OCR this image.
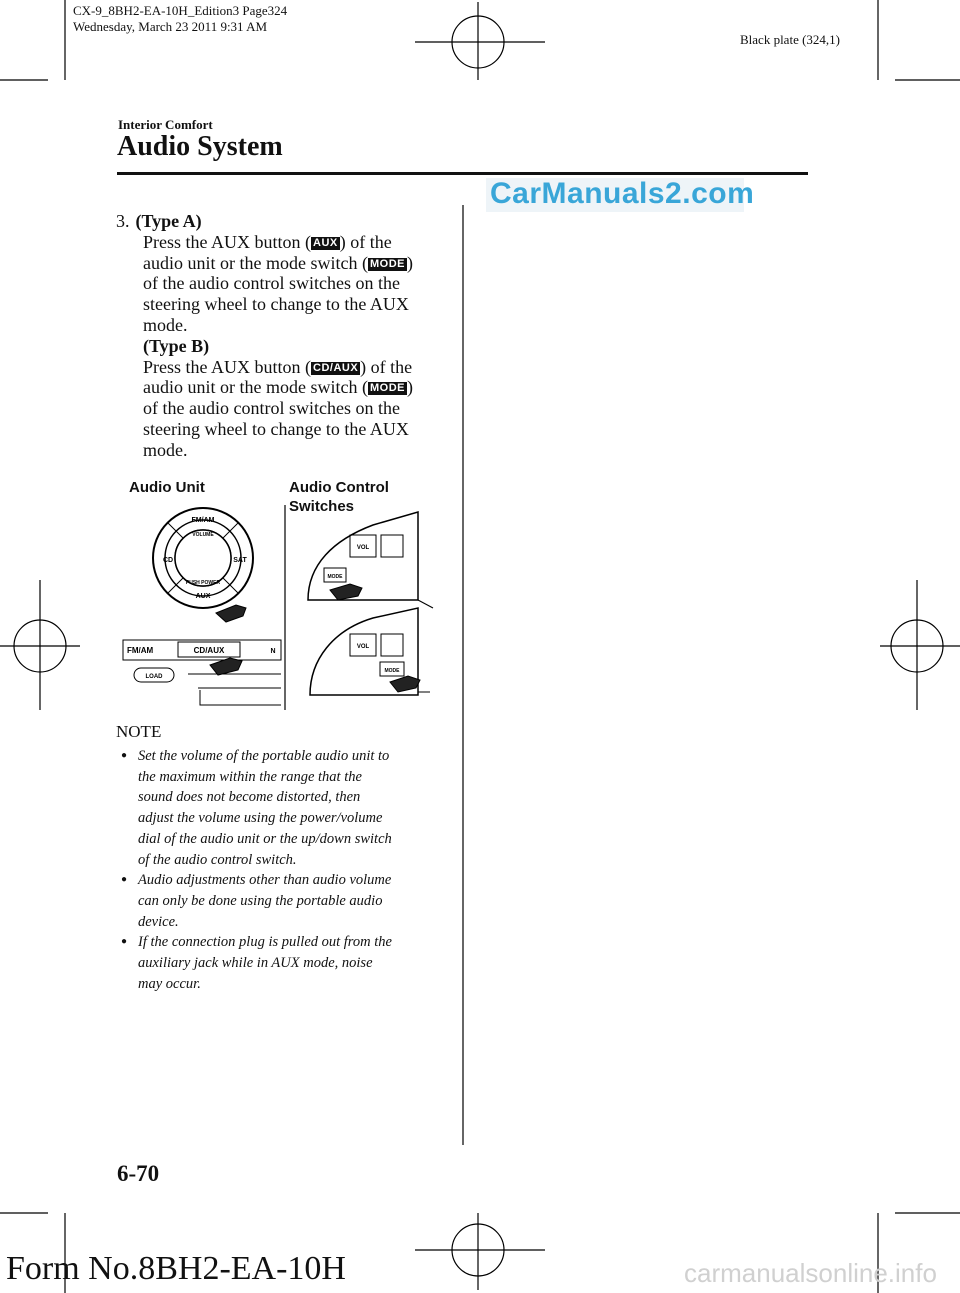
CX-9_8BH2-EA-10H_Edition3 Page324
Wednesday, March 23 2011 9:31 AM
Black plate (324,1)
Interior Comfort
Audio System
CarManuals2.com

3. (Type A)

Press the AUX button ( AUX ) of the

audio unit or the mode switch ( MODE )

of the audio control switches on the

steering wheel to change to the AUX

mode.

(Type B)

Press the AUX button ( CD/AUX ) of the

audio unit or the mode switch ( MODE )

of the audio control switches on the

steering wheel to change to the AUX

mode.

Audio Unit	Audio Control
Switches
FM/AM
CD	SAT
AUX
VOLUME
PUSH POWER
FM/AM	CD/AUX	N
LOAD
VOL
MODE
VOL
MODE
NOTE
● Set the volume of the portable audio unit to
the maximum within the range that the
sound does not become distorted, then
adjust the volume using the power/volume
dial of the audio unit or the up/down switch
of the audio control switch.
● Audio adjustments other than audio volume
can only be done using the portable audio
device.
● If the connection plug is pulled out from the
auxiliary jack while in AUX mode, noise
may occur.
6-70
Form No.8BH2-EA-10H	carmanualsonline.info
